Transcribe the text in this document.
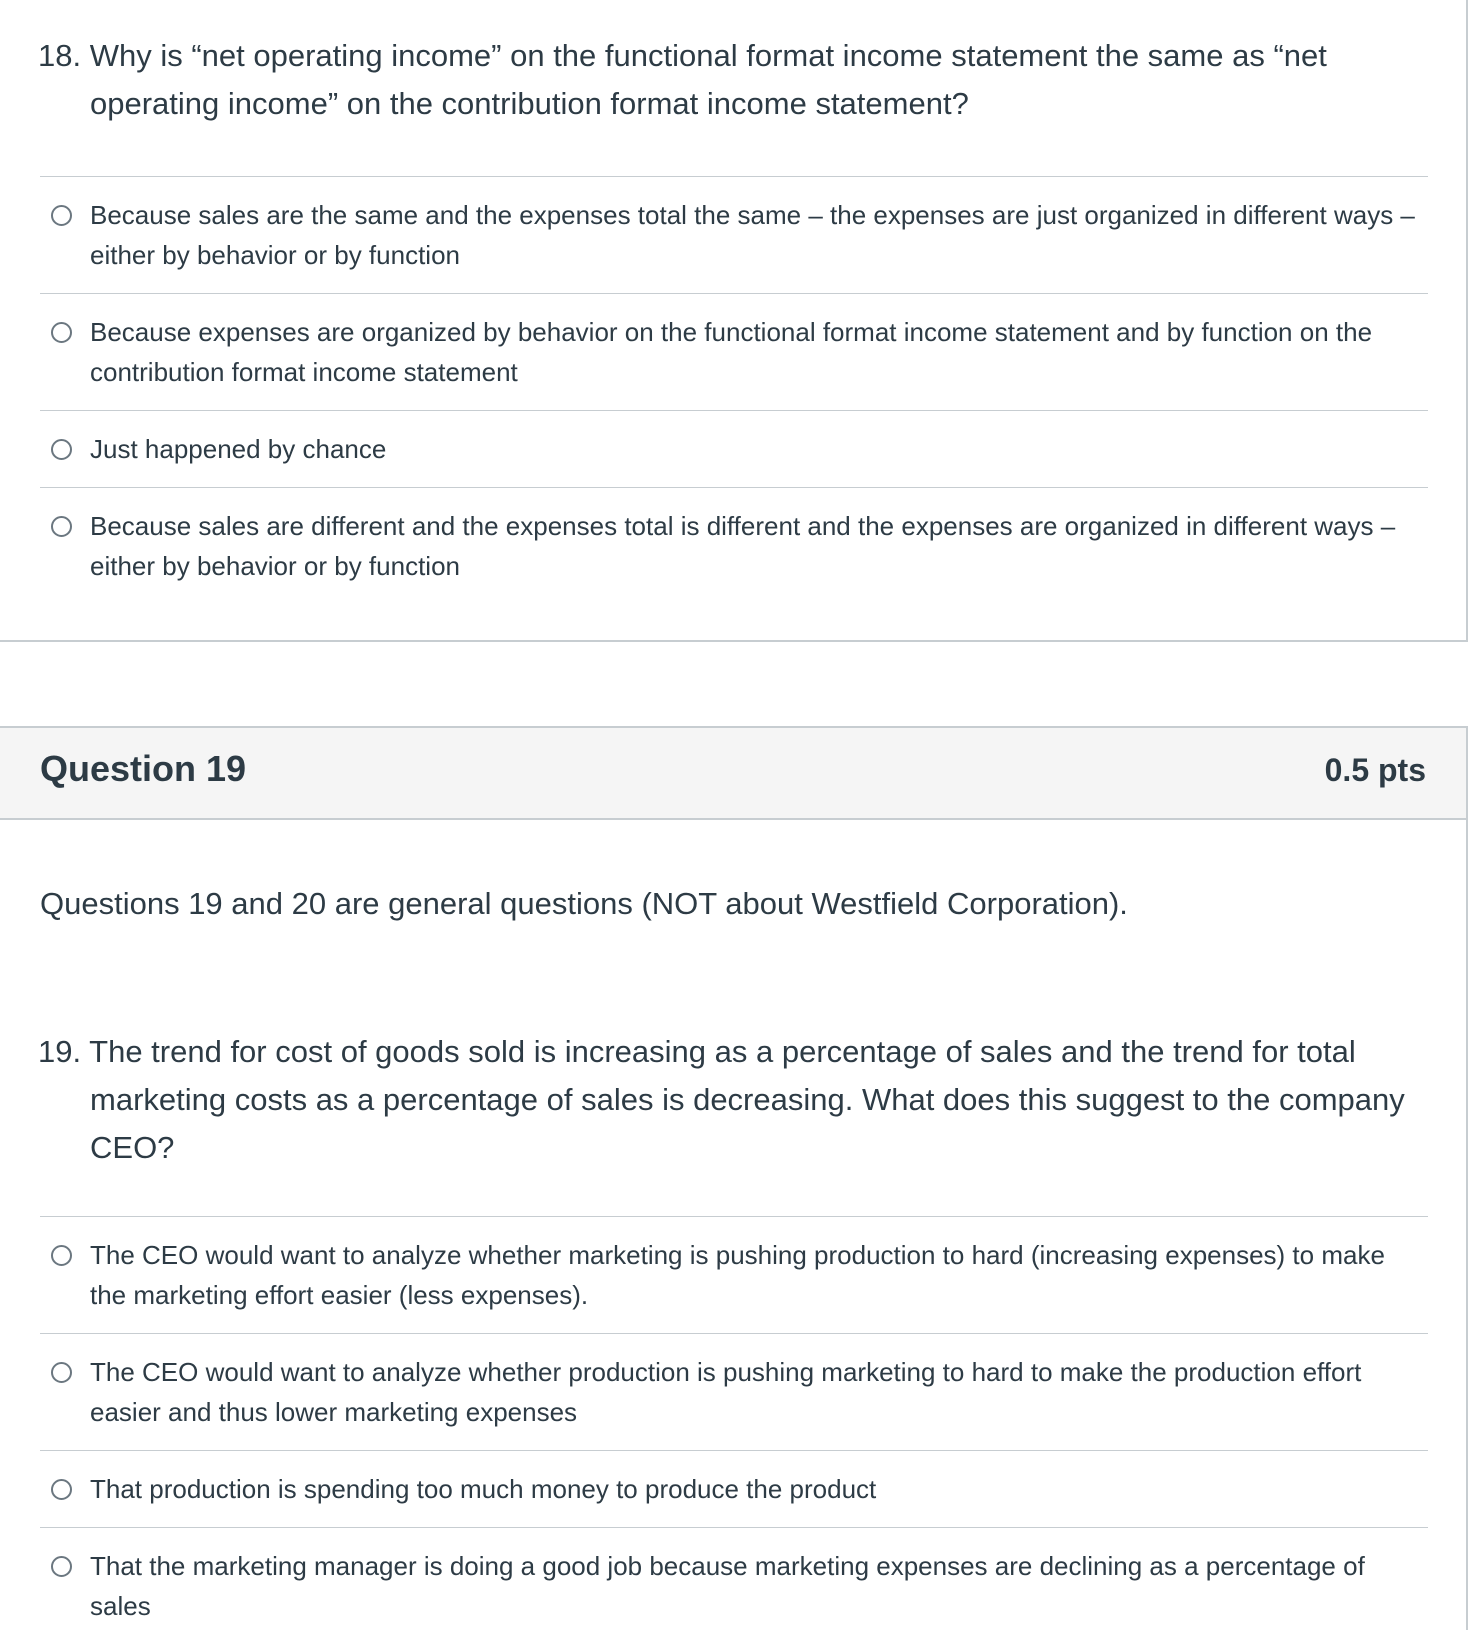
18. Why is “net operating income” on the functional format income statement the same as “net operating income” on the contribution format income statement?
Because sales are the same and the expenses total the same – the expenses are just organized in different ways – either by behavior or by function
Because expenses are organized by behavior on the functional format income statement and by function on the contribution format income statement
Just happened by chance
Because sales are different and the expenses total is different and the expenses are organized in different ways – either by behavior or by function
Question 19	0.5 pts
Questions 19 and 20 are general questions (NOT about Westfield Corporation).
19. The trend for cost of goods sold is increasing as a percentage of sales and the trend for total marketing costs as a percentage of sales is decreasing. What does this suggest to the company CEO?
The CEO would want to analyze whether marketing is pushing production to hard (increasing expenses) to make the marketing effort easier (less expenses).
The CEO would want to analyze whether production is pushing marketing to hard to make the production effort easier and thus lower marketing expenses
That production is spending too much money to produce the product
That the marketing manager is doing a good job because marketing expenses are declining as a percentage of sales
